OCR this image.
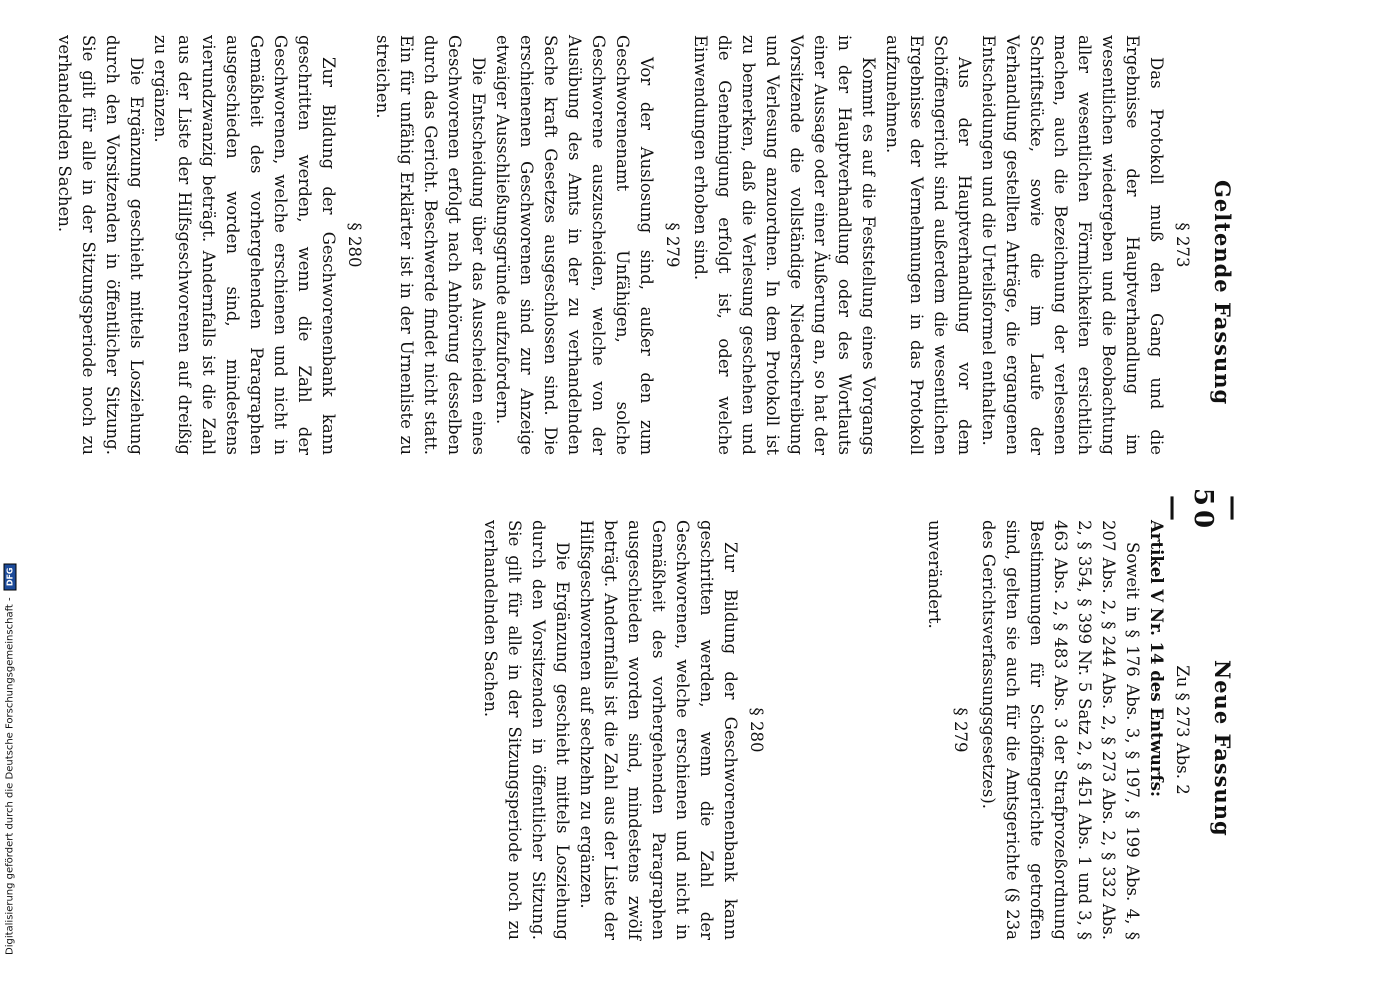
— 50 —
Geltende Fassung
Neue Fassung
§ 273

Das Protokoll muß den Gang und die Ergebnisse der Hauptverhandlung im wesentlichen wiedergeben und die Beobachtung aller wesentlichen Förmlichkeiten ersichtlich machen, auch die Bezeichnung der verlesenen Schriftstücke, sowie die im Laufe der Verhandlung gestellten Anträge, die ergangenen Entscheidungen und die Urteilsformel enthalten.

Aus der Hauptverhandlung vor dem Schöffengericht sind außerdem die wesentlichen Ergebnisse der Vernehmungen in das Protokoll aufzunehmen.

Kommt es auf die Feststellung eines Vorgangs in der Hauptverhandlung oder des Wortlauts einer Aussage oder einer Äußerung an, so hat der Vorsitzende die vollständige Niederschreibung und Verlesung anzuordnen. In dem Protokoll ist zu bemerken, daß die Verlesung geschehen und die Genehmigung erfolgt ist, oder welche Einwendungen erhoben sind.

§ 279

Vor der Auslosung sind, außer den zum Geschworenenamt Unfähigen, solche Geschworene auszuscheiden, welche von der Ausübung des Amts in der zu verhandelnden Sache kraft Gesetzes ausgeschlossen sind. Die erschienenen Geschworenen sind zur Anzeige etwaiger Ausschließungsgründe aufzufordern.

Die Entscheidung über das Ausscheiden eines Geschworenen erfolgt nach Anhörung desselben durch das Gericht. Beschwerde findet nicht statt. Ein für unfähig Erklärter ist in der Urnenliste zu streichen.

§ 280

Zur Bildung der Geschworenenbank kann geschritten werden, wenn die Zahl der Geschworenen, welche erschienen und nicht in Gemäßheit des vorhergehenden Paragraphen ausgeschieden worden sind, mindestens vierundzwanzig beträgt. Andernfalls ist die Zahl aus der Liste der Hilfsgeschworenen auf dreißig zu ergänzen.

Die Ergänzung geschieht mittels Losziehung durch den Vorsitzenden in öffentlicher Sitzung. Sie gilt für alle in der Sitzungsperiode noch zu verhandelnden Sachen.

Zu § 273 Abs. 2

Artikel V Nr. 14 des Entwurfs:

Soweit in § 176 Abs. 3, § 197, § 199 Abs. 4, § 207 Abs. 2, § 244 Abs. 2, § 273 Abs. 2, § 332 Abs. 2, § 354, § 399 Nr. 5 Satz 2, § 451 Abs. 1 und 3, § 463 Abs. 2, § 483 Abs. 3 der Strafprozeßordnung Bestimmungen für Schöffengerichte getroffen sind, gelten sie auch für die Amtsgerichte (§ 23a des Gerichtsverfassungsgesetzes).

§ 279

unverändert.

§ 280

Zur Bildung der Geschworenenbank kann geschritten werden, wenn die Zahl der Geschworenen, welche erschienen und nicht in Gemäßheit des vorhergehenden Paragraphen ausgeschieden worden sind, mindestens zwölf beträgt. Andernfalls ist die Zahl aus der Liste der Hilfsgeschworenen auf sechzehn zu ergänzen.

Die Ergänzung geschieht mittels Losziehung durch den Vorsitzenden in öffentlicher Sitzung. Sie gilt für alle in der Sitzungsperiode noch zu verhandelnden Sachen.

Digitalisierung gefördert durch die Deutsche Forschungsgemeinschaft - DFG
